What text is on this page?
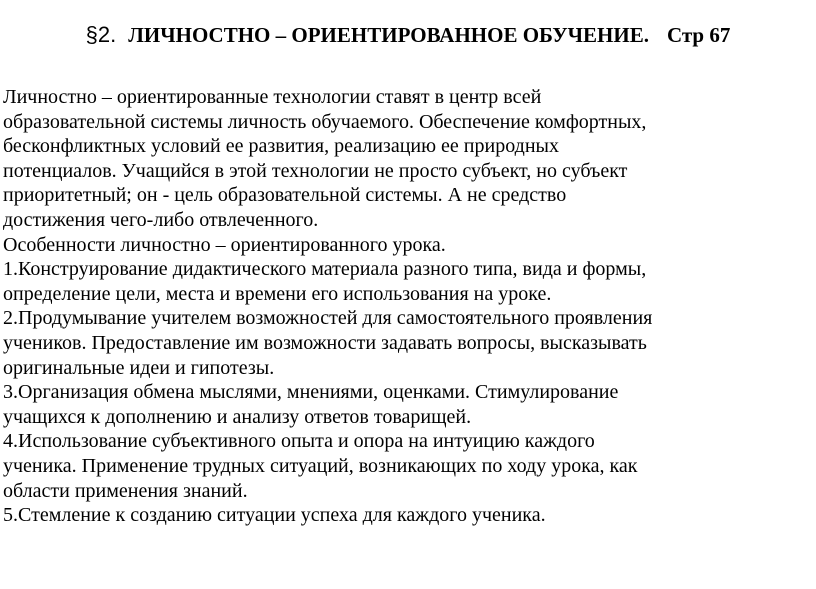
§2. ЛИЧНОСТНО – ОРИЕНТИРОВАННОЕ ОБУЧЕНИЕ. Стр 67
Личностно – ориентированные технологии ставят в центр всей
образовательной системы личность обучаемого. Обеспечение комфортных,
бесконфликтных условий ее развития, реализацию ее природных
потенциалов. Учащийся в этой технологии не просто субъект, но субъект
приоритетный; он - цель образовательной системы. А не средство
достижения чего-либо отвлеченного.
Особенности личностно – ориентированного урока.
1.Конструирование дидактического материала разного типа, вида и формы,
определение цели, места и времени его использования на уроке.
2.Продумывание учителем возможностей для самостоятельного проявления
учеников. Предоставление им возможности задавать вопросы, высказывать
оригинальные идеи и гипотезы.
3.Организация обмена мыслями, мнениями, оценками. Стимулирование
учащихся к дополнению и анализу ответов товарищей.
4.Использование субъективного опыта и опора на интуицию каждого
ученика. Применение трудных ситуаций, возникающих по ходу урока, как
области применения знаний.
5.Стемление к созданию ситуации успеха для каждого ученика.
